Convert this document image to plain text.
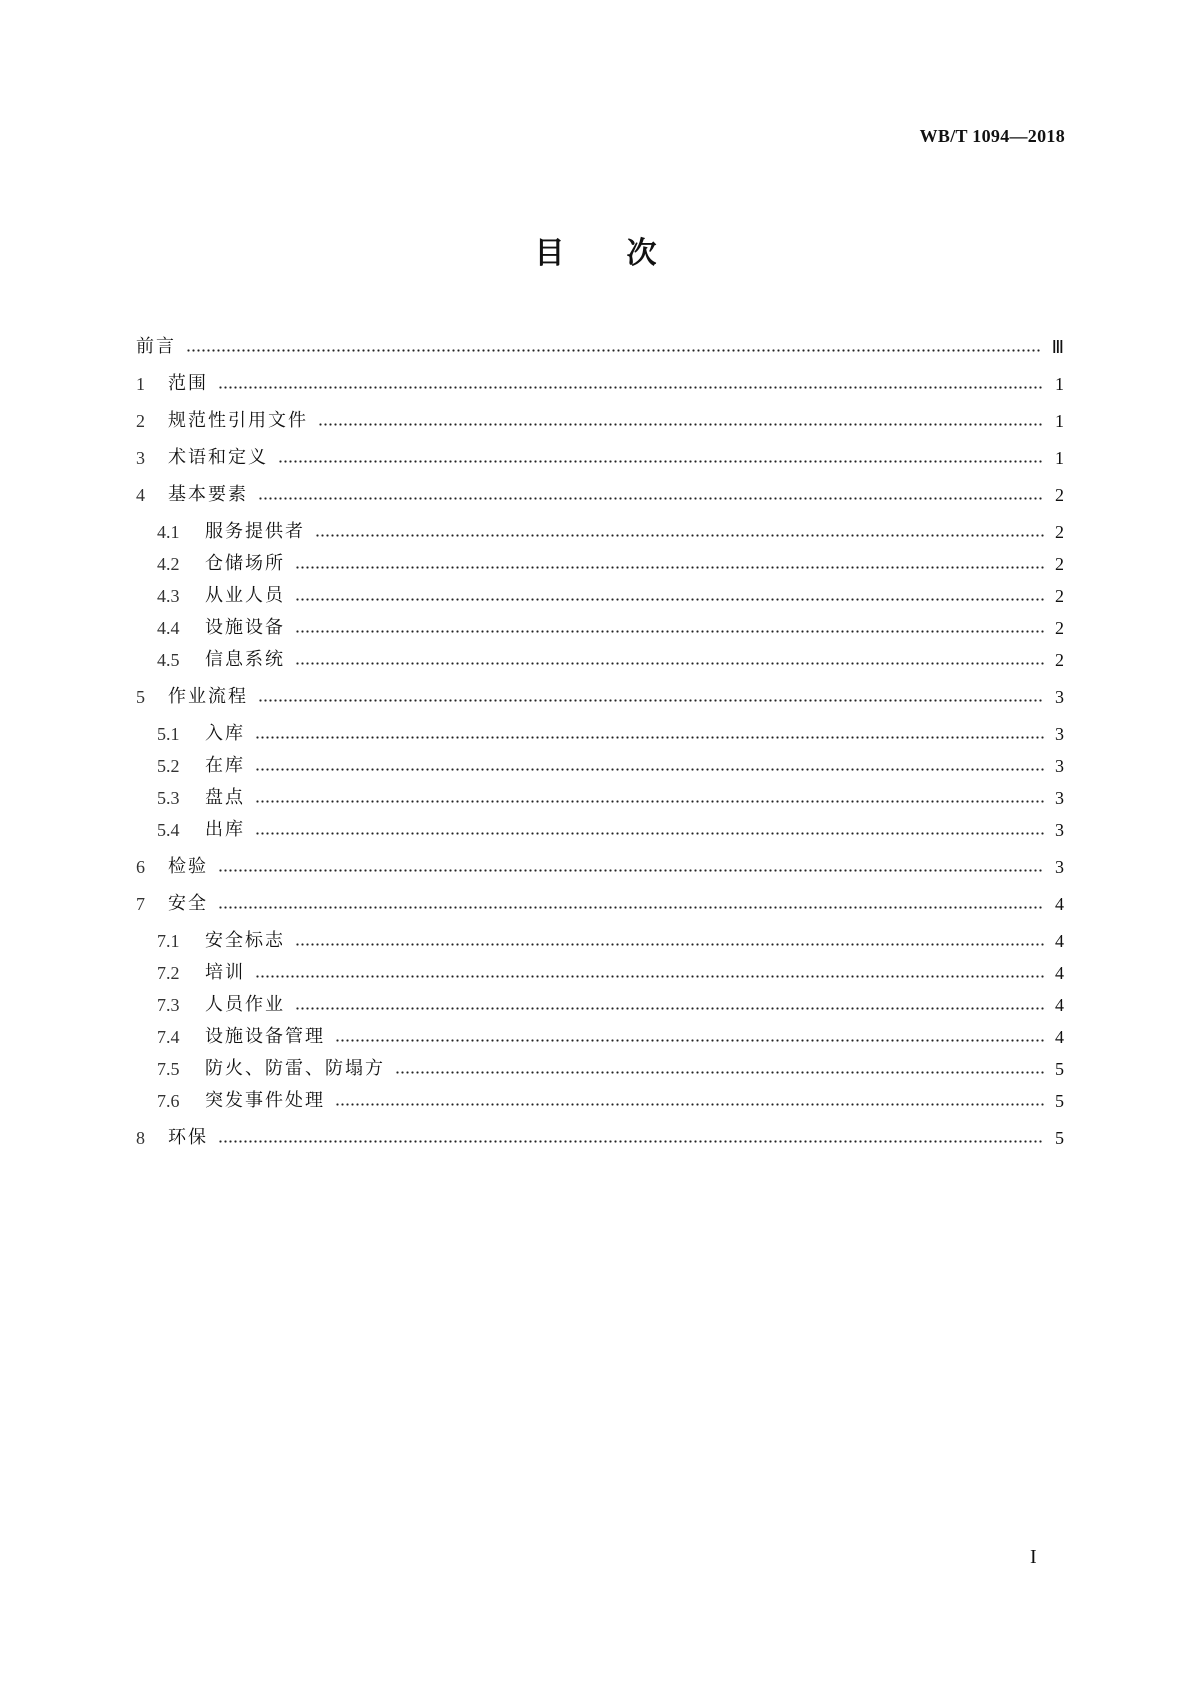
WB/T 1094—2018
目 次
前言	Ⅲ
1	范围	1
2	规范性引用文件	1
3	术语和定义	1
4	基本要素	2
4.1	服务提供者	2
4.2	仓储场所	2
4.3	从业人员	2
4.4	设施设备	2
4.5	信息系统	2
5	作业流程	3
5.1	入库	3
5.2	在库	3
5.3	盘点	3
5.4	出库	3
6	检验	3
7	安全	4
7.1	安全标志	4
7.2	培训	4
7.3	人员作业	4
7.4	设施设备管理	4
7.5	防火、防雷、防塌方	5
7.6	突发事件处理	5
8	环保	5
I
